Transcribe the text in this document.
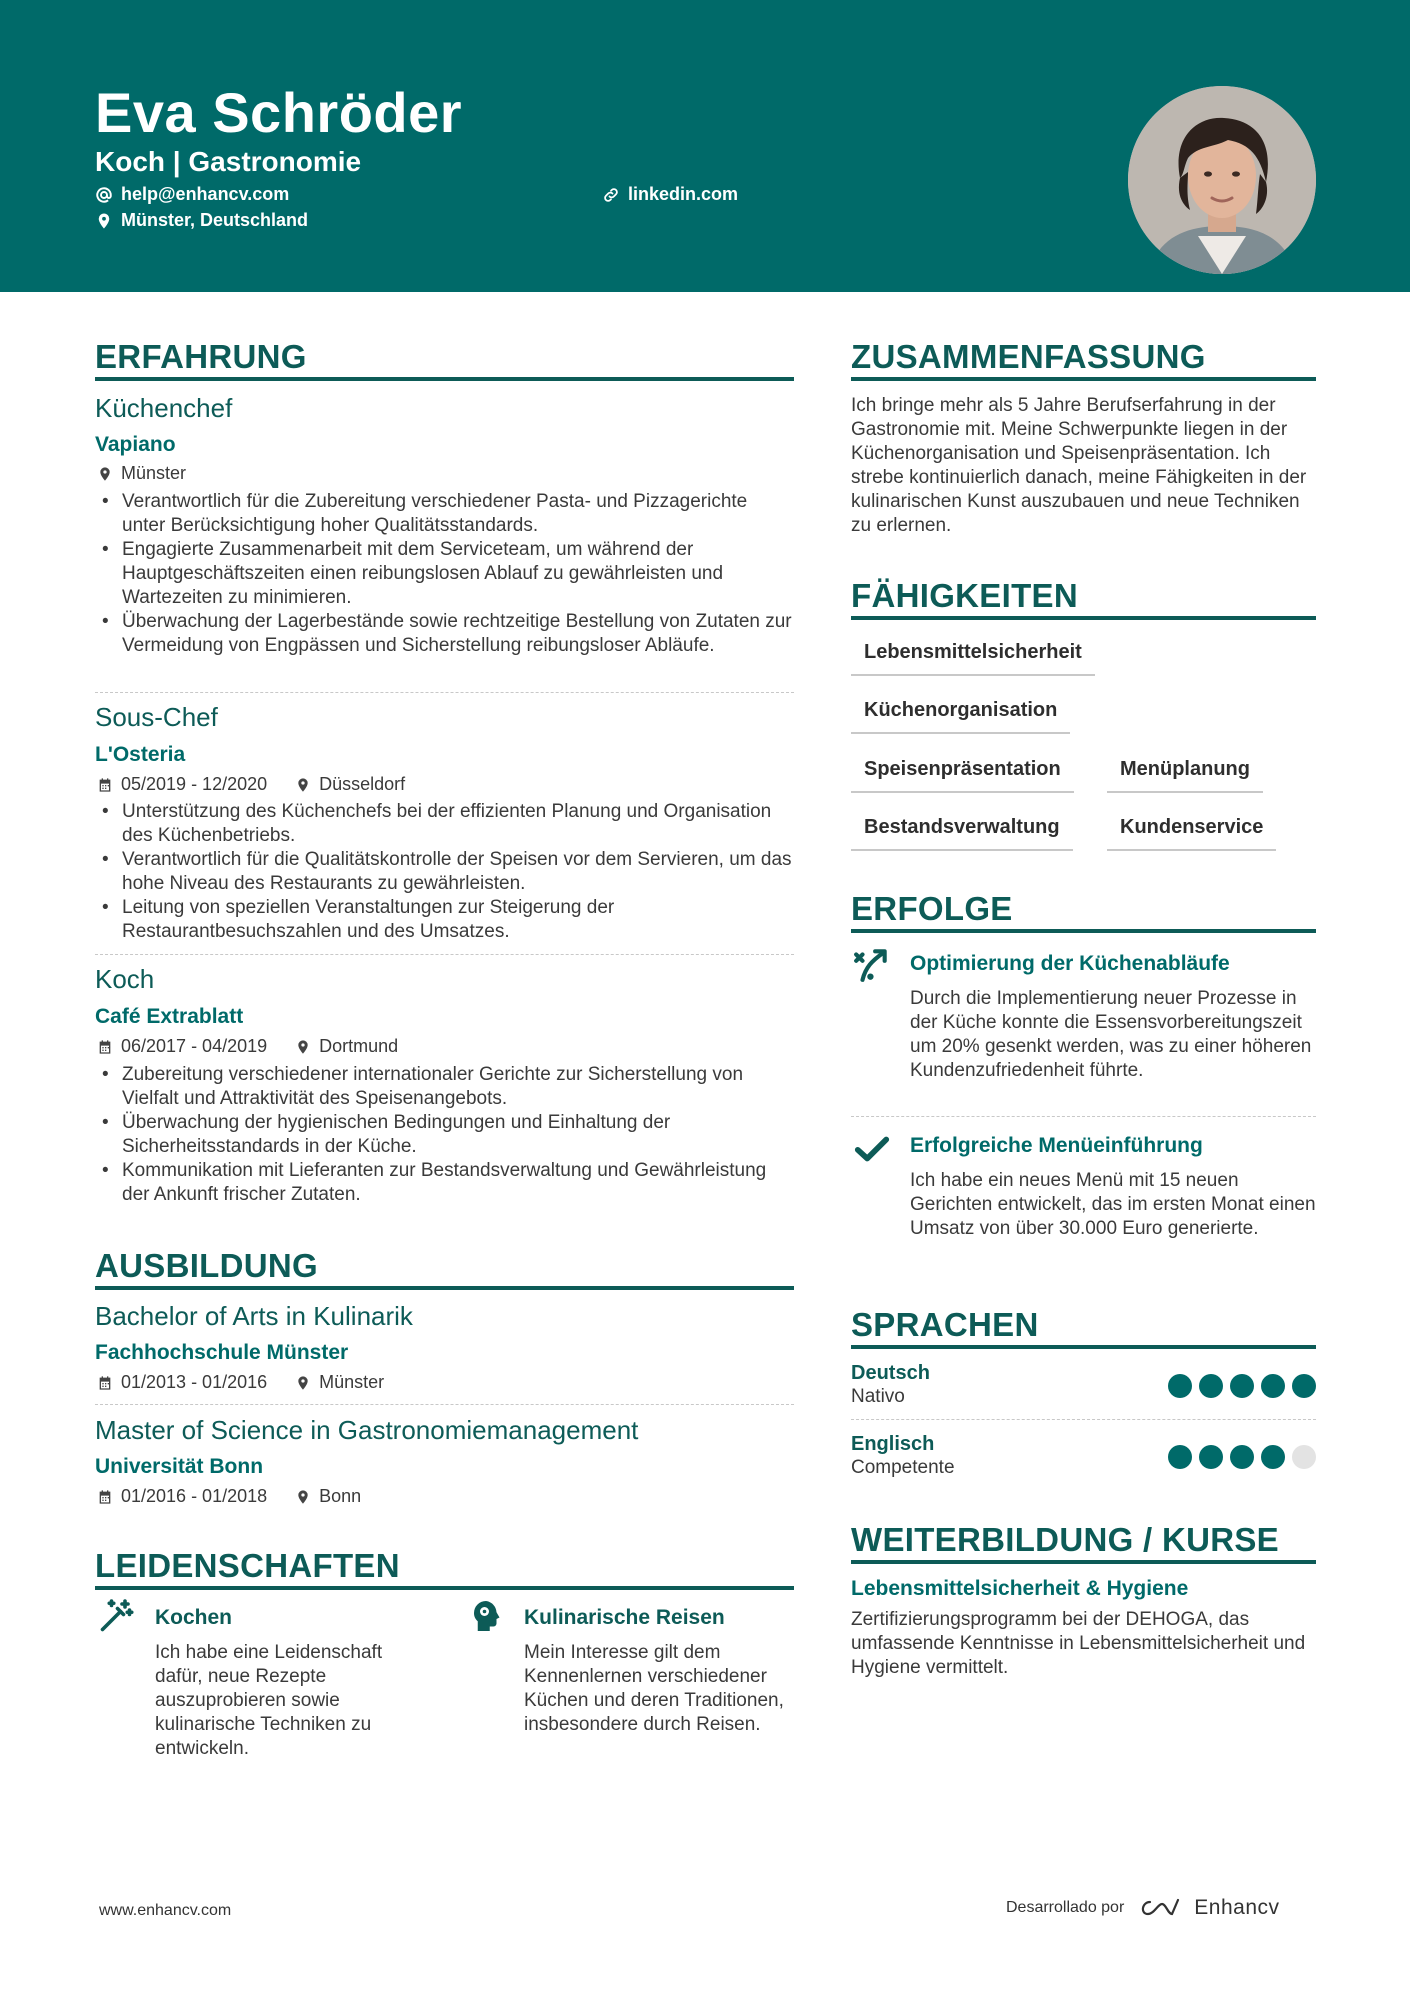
Eva Schröder
Koch | Gastronomie
help@enhancv.com	linkedin.com
Münster, Deutschland
ERFAHRUNG
Küchenchef
Vapiano
Münster
• Verantwortlich für die Zubereitung verschiedener Pasta- und Pizzagerichte unter Berücksichtigung hoher Qualitätsstandards.
• Engagierte Zusammenarbeit mit dem Serviceteam, um während der Hauptgeschäftszeiten einen reibungslosen Ablauf zu gewährleisten und Wartezeiten zu minimieren.
• Überwachung der Lagerbestände sowie rechtzeitige Bestellung von Zutaten zur Vermeidung von Engpässen und Sicherstellung reibungsloser Abläufe.
Sous-Chef
L'Osteria
05/2019 - 12/2020	Düsseldorf
• Unterstützung des Küchenchefs bei der effizienten Planung und Organisation des Küchenbetriebs.
• Verantwortlich für die Qualitätskontrolle der Speisen vor dem Servieren, um das hohe Niveau des Restaurants zu gewährleisten.
• Leitung von speziellen Veranstaltungen zur Steigerung der Restaurantbesuchszahlen und des Umsatzes.
Koch
Café Extrablatt
06/2017 - 04/2019	Dortmund
• Zubereitung verschiedener internationaler Gerichte zur Sicherstellung von Vielfalt und Attraktivität des Speisenangebots.
• Überwachung der hygienischen Bedingungen und Einhaltung der Sicherheitsstandards in der Küche.
• Kommunikation mit Lieferanten zur Bestandsverwaltung und Gewährleistung der Ankunft frischer Zutaten.
AUSBILDUNG
Bachelor of Arts in Kulinarik
Fachhochschule Münster
01/2013 - 01/2016	Münster
Master of Science in Gastronomiemanagement
Universität Bonn
01/2016 - 01/2018	Bonn
LEIDENSCHAFTEN
Kochen
Ich habe eine Leidenschaft dafür, neue Rezepte auszuprobieren sowie kulinarische Techniken zu entwickeln.
Kulinarische Reisen
Mein Interesse gilt dem Kennenlernen verschiedener Küchen und deren Traditionen, insbesondere durch Reisen.
ZUSAMMENFASSUNG
Ich bringe mehr als 5 Jahre Berufserfahrung in der Gastronomie mit. Meine Schwerpunkte liegen in der Küchenorganisation und Speisenpräsentation. Ich strebe kontinuierlich danach, meine Fähigkeiten in der kulinarischen Kunst auszubauen und neue Techniken zu erlernen.
FÄHIGKEITEN
Lebensmittelsicherheit
Küchenorganisation
Speisenpräsentation	Menüplanung
Bestandsverwaltung	Kundenservice
ERFOLGE
Optimierung der Küchenabläufe
Durch die Implementierung neuer Prozesse in der Küche konnte die Essensvorbereitungszeit um 20% gesenkt werden, was zu einer höheren Kundenzufriedenheit führte.
Erfolgreiche Menüeinführung
Ich habe ein neues Menü mit 15 neuen Gerichten entwickelt, das im ersten Monat einen Umsatz von über 30.000 Euro generierte.
SPRACHEN
Deutsch
Nativo
Englisch
Competente
WEITERBILDUNG / KURSE
Lebensmittelsicherheit & Hygiene
Zertifizierungsprogramm bei der DEHOGA, das umfassende Kenntnisse in Lebensmittelsicherheit und Hygiene vermittelt.
www.enhancv.com	Desarrollado por	Enhancv
